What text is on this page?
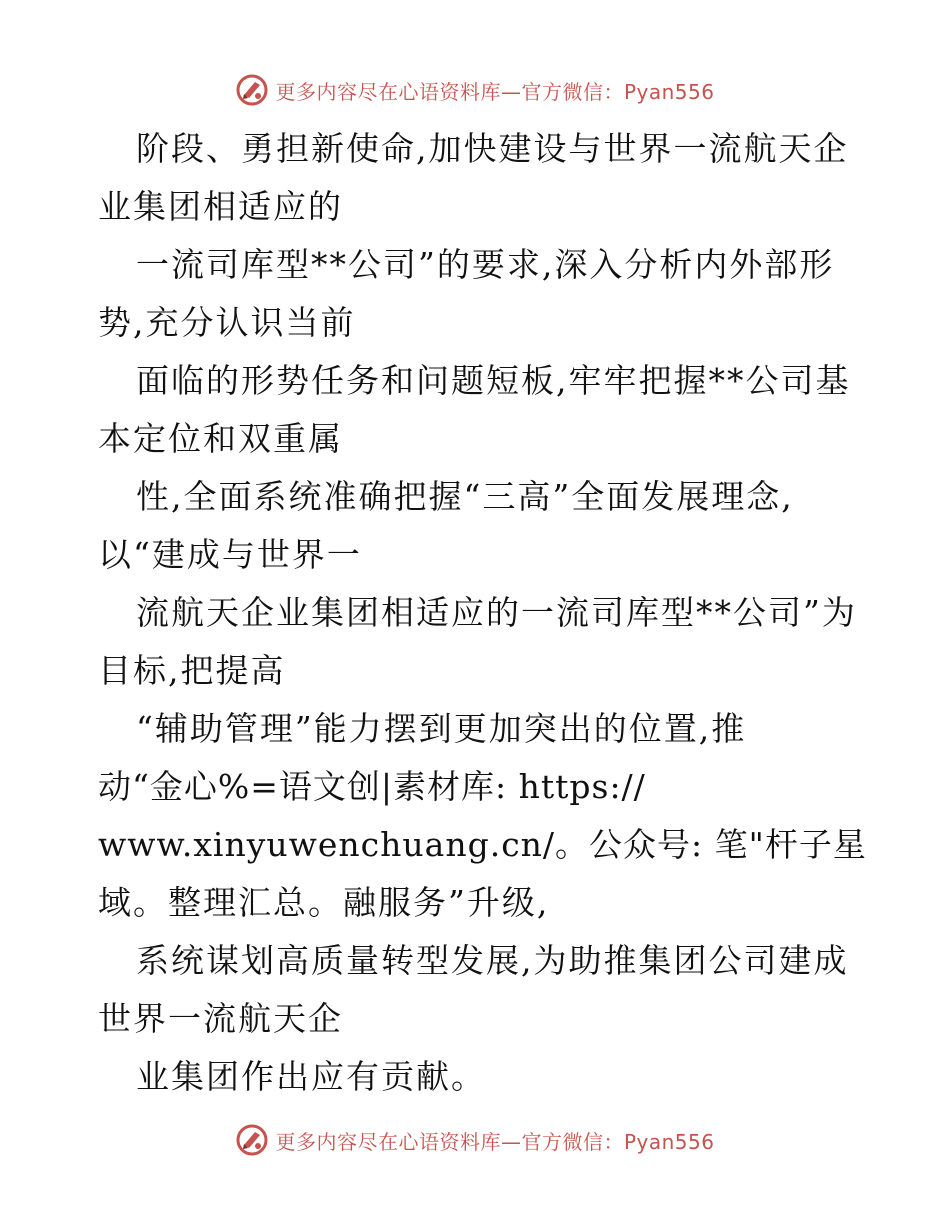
更多内容尽在心语资料库—官方微信：Pyan556
阶段、勇担新使命,加快建设与世界一流航天企
业集团相适应的
一流司库型**公司”的要求,深入分析内外部形
势,充分认识当前
面临的形势任务和问题短板,牢牢把握**公司基
本定位和双重属
性,全面系统准确把握“三高”全面发展理念,
以“建成与世界一
流航天企业集团相适应的一流司库型**公司”为
目标,把提高
“辅助管理”能力摆到更加突出的位置,推
动“金心%=语文创|素材库: https://
www.xinyuwenchuang.cn/。公众号: 笔"杆子星
域。整理汇总。融服务”升级,
系统谋划高质量转型发展,为助推集团公司建成
世界一流航天企
业集团作出应有贡献。
更多内容尽在心语资料库—官方微信：Pyan556
